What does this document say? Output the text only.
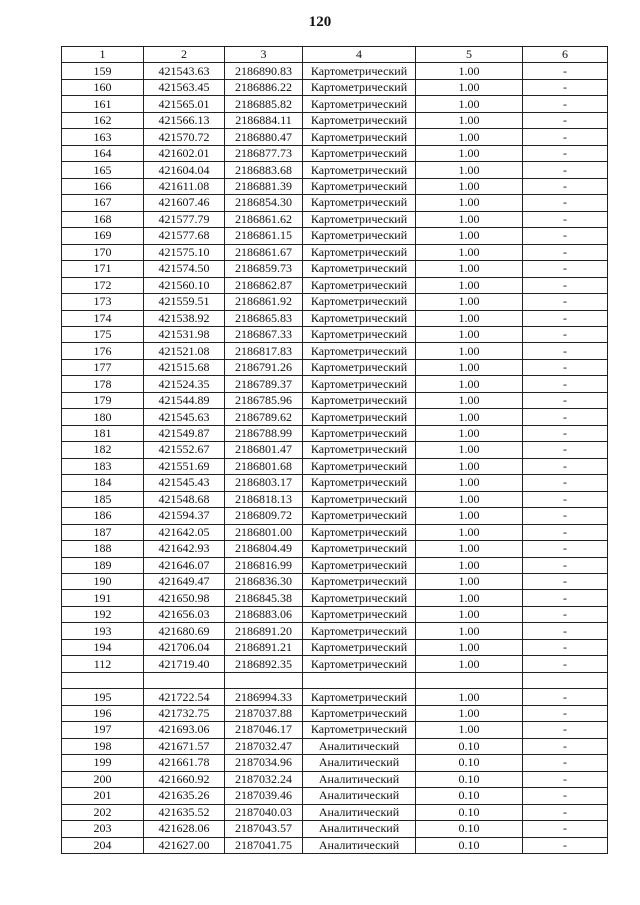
120
1	2	3	4	5	6
159	421543.63	2186890.83	Картометрический	1.00	-
160	421563.45	2186886.22	Картометрический	1.00	-
161	421565.01	2186885.82	Картометрический	1.00	-
162	421566.13	2186884.11	Картометрический	1.00	-
163	421570.72	2186880.47	Картометрический	1.00	-
164	421602.01	2186877.73	Картометрический	1.00	-
165	421604.04	2186883.68	Картометрический	1.00	-
166	421611.08	2186881.39	Картометрический	1.00	-
167	421607.46	2186854.30	Картометрический	1.00	-
168	421577.79	2186861.62	Картометрический	1.00	-
169	421577.68	2186861.15	Картометрический	1.00	-
170	421575.10	2186861.67	Картометрический	1.00	-
171	421574.50	2186859.73	Картометрический	1.00	-
172	421560.10	2186862.87	Картометрический	1.00	-
173	421559.51	2186861.92	Картометрический	1.00	-
174	421538.92	2186865.83	Картометрический	1.00	-
175	421531.98	2186867.33	Картометрический	1.00	-
176	421521.08	2186817.83	Картометрический	1.00	-
177	421515.68	2186791.26	Картометрический	1.00	-
178	421524.35	2186789.37	Картометрический	1.00	-
179	421544.89	2186785.96	Картометрический	1.00	-
180	421545.63	2186789.62	Картометрический	1.00	-
181	421549.87	2186788.99	Картометрический	1.00	-
182	421552.67	2186801.47	Картометрический	1.00	-
183	421551.69	2186801.68	Картометрический	1.00	-
184	421545.43	2186803.17	Картометрический	1.00	-
185	421548.68	2186818.13	Картометрический	1.00	-
186	421594.37	2186809.72	Картометрический	1.00	-
187	421642.05	2186801.00	Картометрический	1.00	-
188	421642.93	2186804.49	Картометрический	1.00	-
189	421646.07	2186816.99	Картометрический	1.00	-
190	421649.47	2186836.30	Картометрический	1.00	-
191	421650.98	2186845.38	Картометрический	1.00	-
192	421656.03	2186883.06	Картометрический	1.00	-
193	421680.69	2186891.20	Картометрический	1.00	-
194	421706.04	2186891.21	Картометрический	1.00	-
112	421719.40	2186892.35	Картометрический	1.00	-

195	421722.54	2186994.33	Картометрический	1.00	-
196	421732.75	2187037.88	Картометрический	1.00	-
197	421693.06	2187046.17	Картометрический	1.00	-
198	421671.57	2187032.47	Аналитический	0.10	-
199	421661.78	2187034.96	Аналитический	0.10	-
200	421660.92	2187032.24	Аналитический	0.10	-
201	421635.26	2187039.46	Аналитический	0.10	-
202	421635.52	2187040.03	Аналитический	0.10	-
203	421628.06	2187043.57	Аналитический	0.10	-
204	421627.00	2187041.75	Аналитический	0.10	-
